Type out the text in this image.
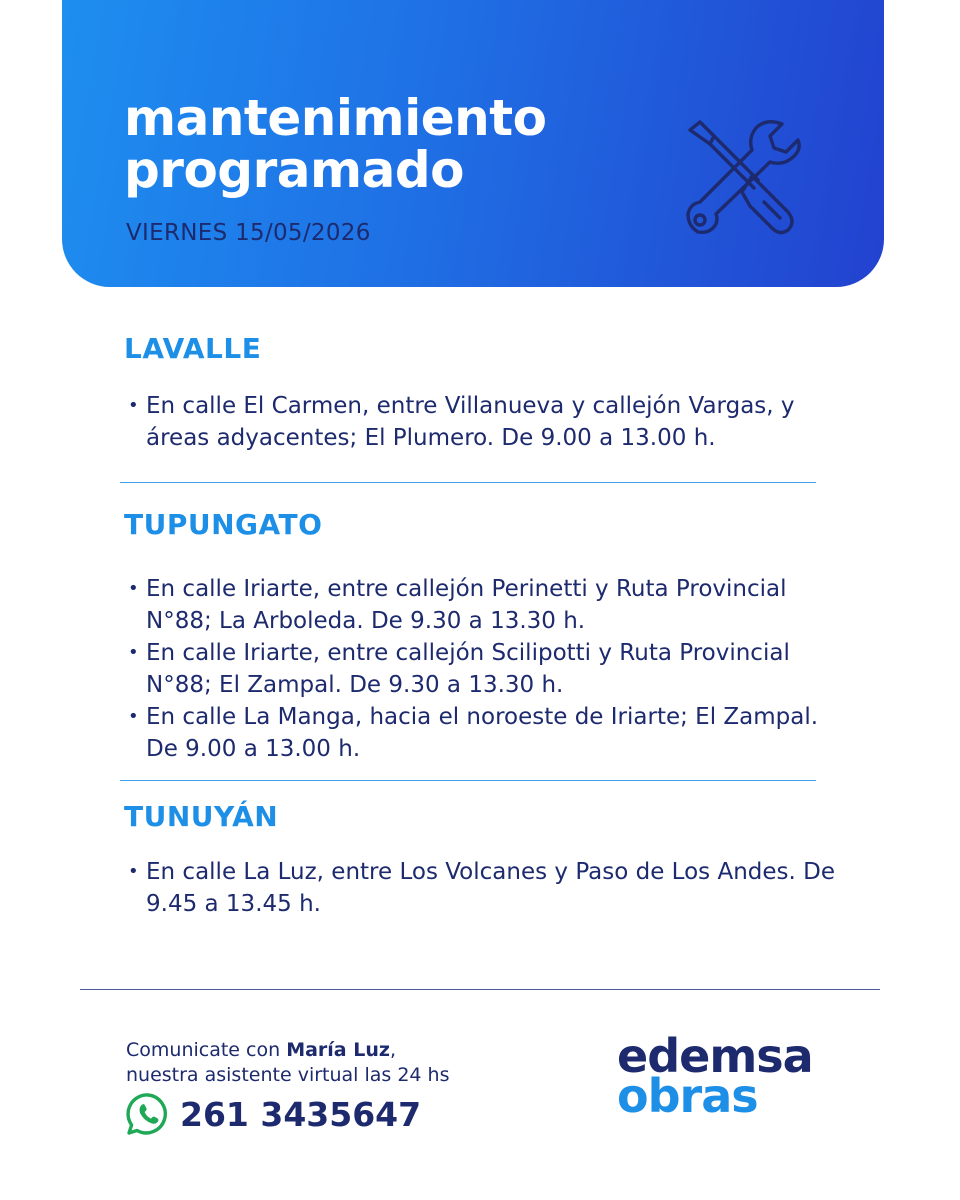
mantenimiento
programado
VIERNES 15/05/2026
LAVALLE
• En calle El Carmen, entre Villanueva y callejón Vargas, y áreas adyacentes; El Plumero. De 9.00 a 13.00 h.
TUPUNGATO
• En calle Iriarte, entre callejón Perinetti y Ruta Provincial N°88; La Arboleda. De 9.30 a 13.30 h.
• En calle Iriarte, entre callejón Scilipotti y Ruta Provincial N°88; El Zampal. De 9.30 a 13.30 h.
• En calle La Manga, hacia el noroeste de Iriarte; El Zampal. De 9.00 a 13.00 h.
TUNUYÁN
• En calle La Luz, entre Los Volcanes y Paso de Los Andes. De 9.45 a 13.45 h.
Comunicate con María Luz,
nuestra asistente virtual las 24 hs
261 3435647
edemsa
obras
